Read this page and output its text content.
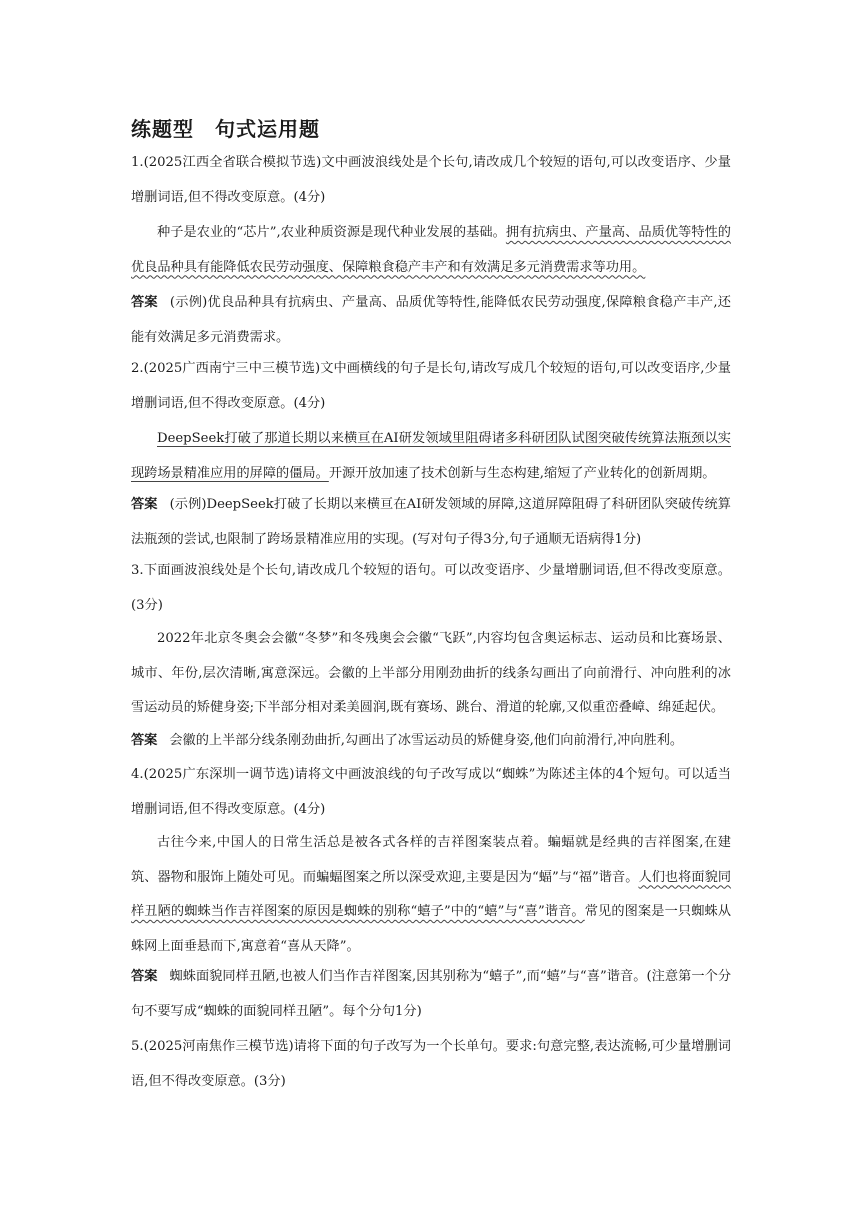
练题型　句式运用题
1.(2025江西全省联合模拟节选)文中画波浪线处是个长句,请改成几个较短的语句,可以改变语序、少量增删词语,但不得改变原意。(4分)
种子是农业的“芯片”,农业种质资源是现代种业发展的基础。拥有抗病虫、产量高、品质优等特性的优良品种具有能降低农民劳动强度、保障粮食稳产丰产和有效满足多元消费需求等功用。
答案 (示例)优良品种具有抗病虫、产量高、品质优等特性,能降低农民劳动强度,保障粮食稳产丰产,还能有效满足多元消费需求。
2.(2025广西南宁三中三模节选)文中画横线的句子是长句,请改写成几个较短的语句,可以改变语序,少量增删词语,但不得改变原意。(4分)
DeepSeek打破了那道长期以来横亘在AI研发领域里阻碍诸多科研团队试图突破传统算法瓶颈以实现跨场景精准应用的屏障的僵局。开源开放加速了技术创新与生态构建,缩短了产业转化的创新周期。
答案 (示例)DeepSeek打破了长期以来横亘在AI研发领域的屏障,这道屏障阻碍了科研团队突破传统算法瓶颈的尝试,也限制了跨场景精准应用的实现。(写对句子得3分,句子通顺无语病得1分)
3.下面画波浪线处是个长句,请改成几个较短的语句。可以改变语序、少量增删词语,但不得改变原意。(3分)
2022年北京冬奥会会徽“冬梦”和冬残奥会会徽“飞跃”,内容均包含奥运标志、运动员和比赛场景、城市、年份,层次清晰,寓意深远。会徽的上半部分用刚劲曲折的线条勾画出了向前滑行、冲向胜利的冰雪运动员的矫健身姿;下半部分相对柔美圆润,既有赛场、跳台、滑道的轮廓,又似重峦叠嶂、绵延起伏。
答案 会徽的上半部分线条刚劲曲折,勾画出了冰雪运动员的矫健身姿,他们向前滑行,冲向胜利。
4.(2025广东深圳一调节选)请将文中画波浪线的句子改写成以“蜘蛛”为陈述主体的4个短句。可以适当增删词语,但不得改变原意。(4分)
古往今来,中国人的日常生活总是被各式各样的吉祥图案装点着。蝙蝠就是经典的吉祥图案,在建筑、器物和服饰上随处可见。而蝙蝠图案之所以深受欢迎,主要是因为“蝠”与“福”谐音。人们也将面貌同样丑陋的蜘蛛当作吉祥图案的原因是蜘蛛的别称“蟢子”中的“蟢”与“喜”谐音。常见的图案是一只蜘蛛从蛛网上面垂悬而下,寓意着“喜从天降”。
答案 蜘蛛面貌同样丑陋,也被人们当作吉祥图案,因其别称为“蟢子”,而“蟢”与“喜”谐音。(注意第一个分句不要写成“蜘蛛的面貌同样丑陋”。每个分句1分)
5.(2025河南焦作三模节选)请将下面的句子改写为一个长单句。要求:句意完整,表达流畅,可少量增删词语,但不得改变原意。(3分)
